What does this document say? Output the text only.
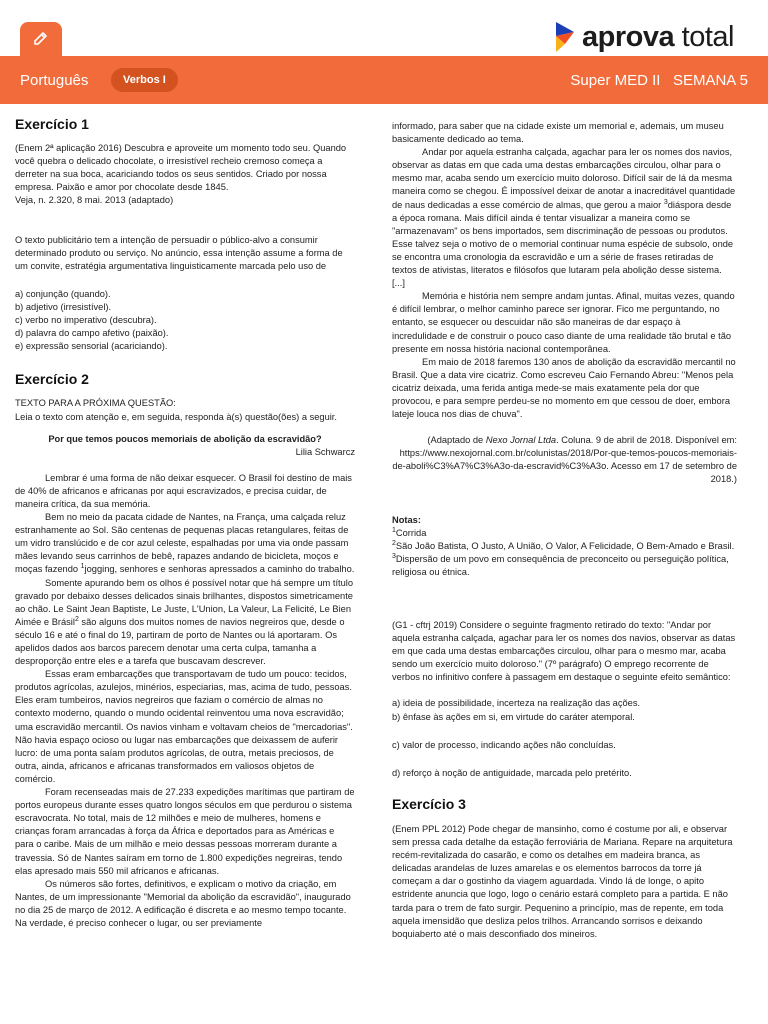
aprova total
Português	Verbos I	Super MED II SEMANA 5

Exercício 1

(Enem 2ª aplicação 2016) Descubra e aproveite um momento todo seu. Quando você quebra o delicado chocolate, o irresistível recheio cremoso começa a derreter na sua boca, acariciando todos os seus sentidos. Criado por nossa empresa. Paixão e amor por chocolate desde 1845.

Veja, n. 2.320, 8 mai. 2013 (adaptado)

O texto publicitário tem a intenção de persuadir o público-alvo a consumir determinado produto ou serviço. No anúncio, essa intenção assume a forma de um convite, estratégia argumentativa linguisticamente marcada pelo uso de

a) conjunção (quando).

b) adjetivo (irresistível).

c) verbo no imperativo (descubra).

d) palavra do campo afetivo (paixão).

e) expressão sensorial (acariciando).

Exercício 2

TEXTO PARA A PRÓXIMA QUESTÃO:

Leia o texto com atenção e, em seguida, responda à(s) questão(ões) a seguir.

Por que temos poucos memoriais de abolição da escravidão?

Lilia Schwarcz

Lembrar é uma forma de não deixar esquecer. O Brasil foi destino de mais de 40% de africanos e africanas por aqui escravizados, e precisa cuidar, de maneira crítica, da sua memória.

Bem no meio da pacata cidade de Nantes, na França, uma calçada reluz estranhamente ao Sol. São centenas de pequenas placas retangulares, feitas de um vidro translúcido e de cor azul celeste, espalhadas por uma via onde passam mães levando seus carrinhos de bebê, rapazes andando de bicicleta, moços e moças fazendo $^1$jogging, senhores e senhoras apressados a caminho do trabalho.

Somente apurando bem os olhos é possível notar que há sempre um título gravado por debaixo desses delicados sinais brilhantes, dispostos simetricamente ao chão. Le Saint Jean Baptiste, Le Juste, L'Union, La Valeur, La Felicité, Le Bien Aimée e Brásil$^2$ são alguns dos muitos nomes de navios negreiros que, desde o século 16 e até o final do 19, partiram de porto de Nantes ou lá aportaram. Os apelidos dados aos barcos parecem denotar uma certa culpa, tamanha a desproporção entre eles e a tarefa que buscavam descrever.

Essas eram embarcações que transportavam de tudo um pouco: tecidos, produtos agrícolas, azulejos, minérios, especiarias, mas, acima de tudo, pessoas. Eles eram tumbeiros, navios negreiros que faziam o comércio de almas no contexto moderno, quando o mundo ocidental reinventou uma nova escravidão; uma escravidão mercantil. Os navios vinham e voltavam cheios de "mercadorias". Não havia espaço ocioso ou lugar nas embarcações que deixassem de auferir lucro: de uma ponta saíam produtos agrícolas, de outra, metais preciosos, de outra, ainda, africanos e africanas transformados em valiosos objetos de comércio.

Foram recenseadas mais de 27.233 expedições marítimas que partiram de portos europeus durante esses quatro longos séculos em que perdurou o sistema escravocrata. No total, mais de 12 milhões e meio de mulheres, homens e crianças foram arrancadas à força da África e deportados para as Américas e para o caribe. Mais de um milhão e meio dessas pessoas morreram durante a travessia. Só de Nantes saíram em torno de 1.800 expedições negreiras, tendo elas apresado mais 550 mil africanos e africanas.

Os números são fortes, definitivos, e explicam o motivo da criação, em Nantes, de um impressionante "Memorial da abolição da escravidão", inaugurado no dia 25 de março de 2012. A edificação é discreta e ao mesmo tempo tocante. Na verdade, é preciso conhecer o lugar, ou ser previamente

informado, para saber que na cidade existe um memorial e, ademais, um museu basicamente dedicado ao tema.

Andar por aquela estranha calçada, agachar para ler os nomes dos navios, observar as datas em que cada uma destas embarcações circulou, olhar para o mesmo mar, acaba sendo um exercício muito doloroso. Difícil sair de lá da mesma maneira como se chegou. É impossível deixar de anotar a inacreditável quantidade de naus dedicadas a esse comércio de almas, que gerou a maior $^3$diáspora desde a época romana. Mais difícil ainda é tentar visualizar a maneira como se "armazenavam" os bens importados, sem discriminação de pessoas ou produtos. Esse talvez seja o motivo de o memorial continuar numa espécie de subsolo, onde se encontra uma cronologia da escravidão e um a série de frases retiradas de textos de ativistas, literatos e filósofos que lutaram pela abolição desse sistema. [...]

Memória e história nem sempre andam juntas. Afinal, muitas vezes, quando é difícil lembrar, o melhor caminho parece ser ignorar. Fico me perguntando, no entanto, se esquecer ou descuidar não são maneiras de dar espaço à incredulidade e de construir o pouco caso diante de uma realidade tão brutal e tão presente em nossa história nacional contemporânea.

Em maio de 2018 faremos 130 anos de abolição da escravidão mercantil no Brasil. Que a data vire cicatriz. Como escreveu Caio Fernando Abreu: "Menos pela cicatriz deixada, uma ferida antiga mede-se mais exatamente pela dor que provocou, e para sempre perdeu-se no momento em que cessou de doer, embora lateje louca nos dias de chuva".

(Adaptado de Nexo Jornal Ltda. Coluna. 9 de abril de 2018. Disponível em: https://www.nexojornal.com.br/colunistas/2018/Por-que-temos-poucos-memoriais-de-aboli%C3%A7%C3%A3o-da-escravid%C3%A3o. Acesso em 17 de setembro de 2018.)

Notas:

$^1$Corrida

$^2$São João Batista, O Justo, A União, O Valor, A Felicidade, O Bem-Amado e Brasil.

$^3$Dispersão de um povo em consequência de preconceito ou perseguição política, religiosa ou étnica.

(G1 - cftrj 2019) Considere o seguinte fragmento retirado do texto: "Andar por aquela estranha calçada, agachar para ler os nomes dos navios, observar as datas em que cada uma destas embarcações circulou, olhar para o mesmo mar, acaba sendo um exercício muito doloroso." (7º parágrafo) O emprego recorrente de verbos no infinitivo confere à passagem em destaque o seguinte efeito semântico:

a) ideia de possibilidade, incerteza na realização das ações.

b) ênfase às ações em si, em virtude do caráter atemporal.

c) valor de processo, indicando ações não concluídas.

d) reforço à noção de antiguidade, marcada pelo pretérito.

Exercício 3

(Enem PPL 2012) Pode chegar de mansinho, como é costume por ali, e observar sem pressa cada detalhe da estação ferroviária de Mariana. Repare na arquitetura recém-revitalizada do casarão, e como os detalhes em madeira branca, as delicadas arandelas de luzes amarelas e os elementos barrocos da torre já começam a dar o gostinho da viagem aguardada. Vindo lá de longe, o apito estridente anuncia que logo, logo o cenário estará completo para a partida. E não tarda para o trem de fato surgir. Pequenino a princípio, mas de repente, em toda aquela imensidão que desliza pelos trilhos. Arrancando sorrisos e deixando boquiaberto até o mais desconfiado dos mineiros.
